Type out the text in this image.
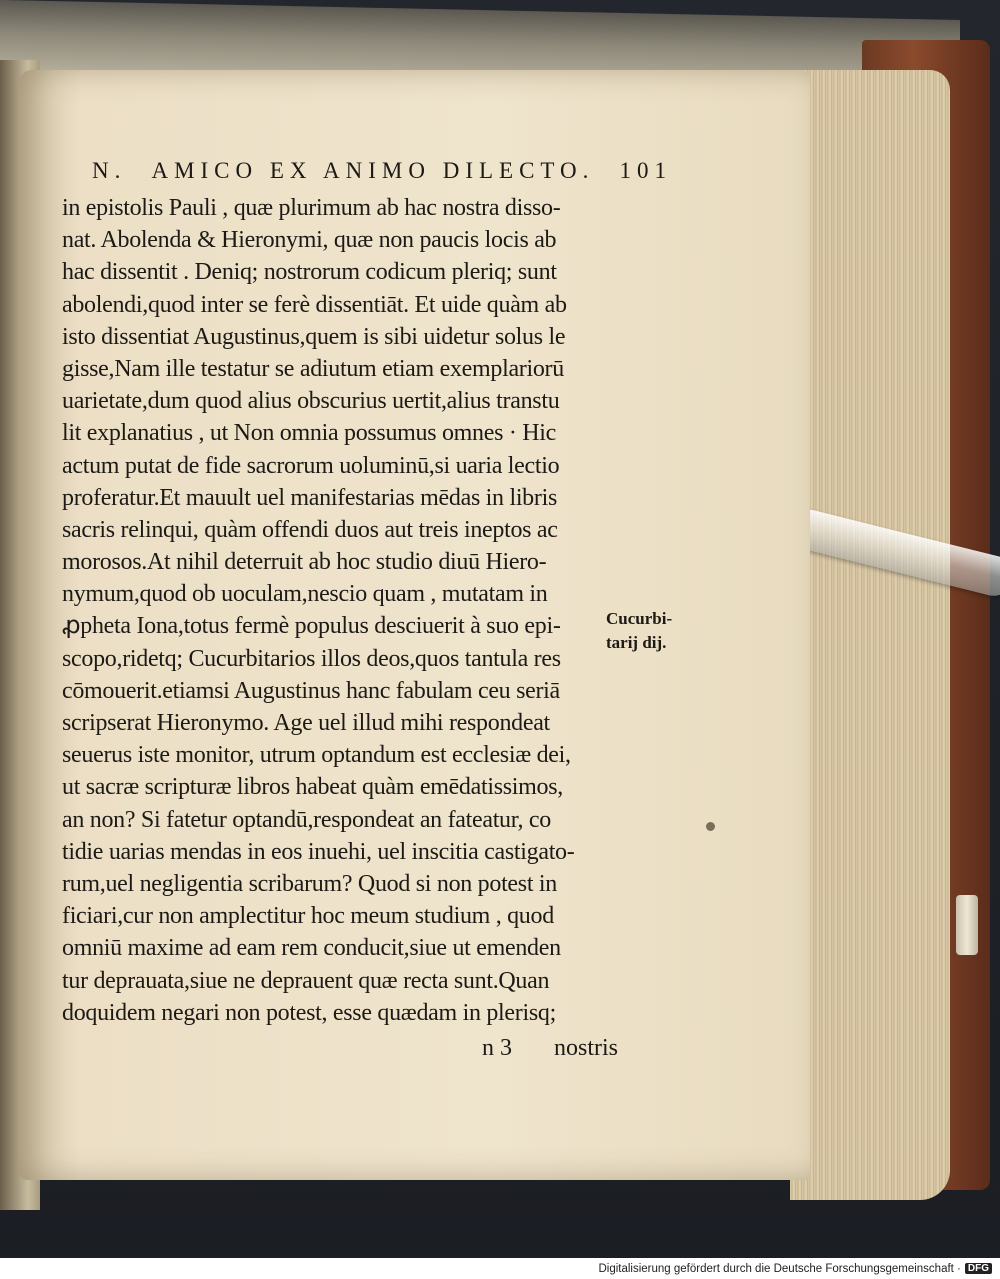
N. AMICO EX ANIMO DILECTO. 101
in epistolis Pauli , quæ plurimum ab hac nostra disso-
nat. Abolenda & Hieronymi, quæ non paucis locis ab
hac dissentit . Deniq; nostrorum codicum pleriq; sunt
abolendi,quod inter se ferè dissentiāt. Et uide quàm ab
isto dissentiat Augustinus,quem is sibi uidetur solus le
gisse,Nam ille testatur se adiutum etiam exemplariorū
uarietate,dum quod alius obscurius uertit,alius transtu
lit explanatius , ut Non omnia possumus omnes · Hic
actum putat de fide sacrorum uoluminū,si uaria lectio
proferatur.Et mauult uel manifestarias mēdas in libris
sacris relinqui, quàm offendi duos aut treis ineptos ac
morosos.At nihil deterruit ab hoc studio diuū Hiero-
nymum,quod ob uoculam,nescio quam , mutatam in
ꝓpheta Iona,totus fermè populus desciuerit à suo epi-
scopo,ridetq; Cucurbitarios illos deos,quos tantula res
cōmouerit.etiamsi Augustinus hanc fabulam ceu seriā
scripserat Hieronymo. Age uel illud mihi respondeat
seuerus iste monitor, utrum optandum est ecclesiæ dei,
ut sacræ scripturæ libros habeat quàm emēdatissimos,
an non? Si fatetur optandū,respondeat an fateatur, co
tidie uarias mendas in eos inuehi, uel inscitia castigato-
rum,uel negligentia scribarum? Quod si non potest in
ficiari,cur non amplectitur hoc meum studium , quod
omniū maxime ad eam rem conducit,siue ut emenden
tur deprauata,siue ne deprauent quæ recta sunt.Quan
doquidem negari non potest, esse quædam in plerisq;
n 3 nostris
Cucurbi-
tarij dij.
Digitalisierung gefördert durch die Deutsche Forschungsgemeinschaft · DFG
